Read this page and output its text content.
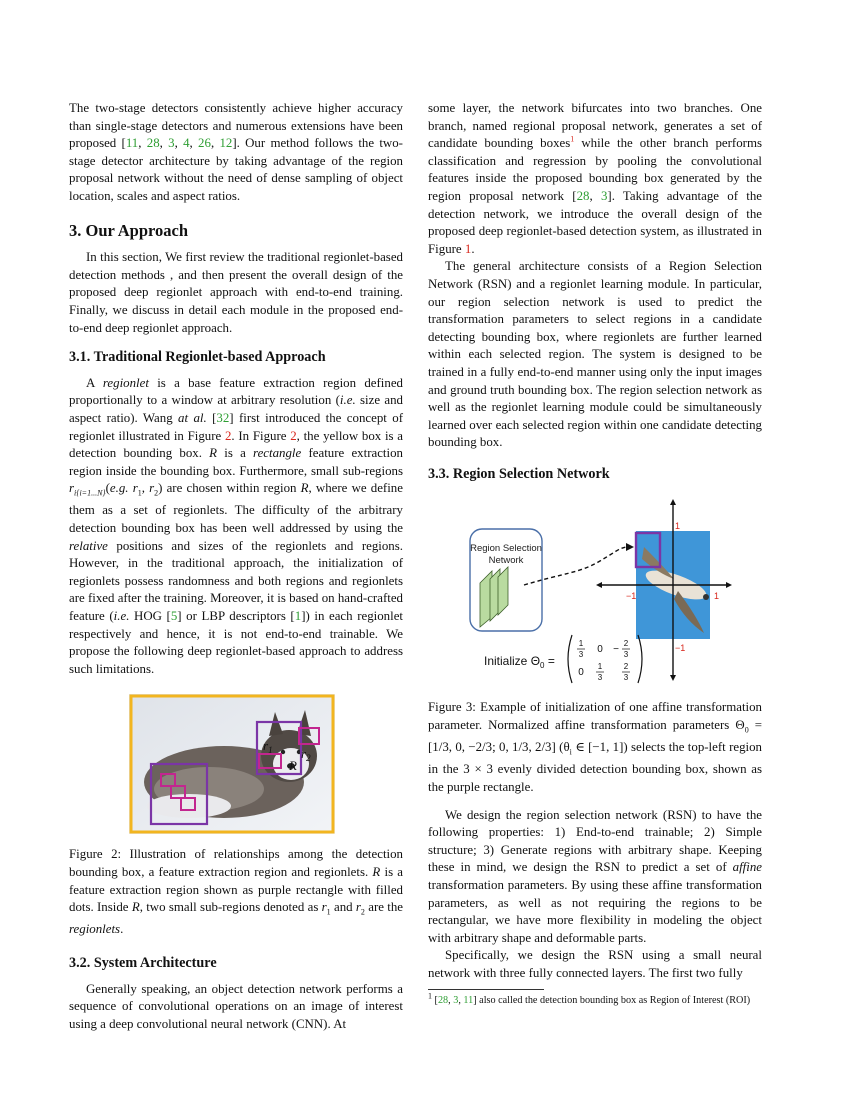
The two-stage detectors consistently achieve higher accuracy than single-stage detectors and numerous extensions have been proposed [11, 28, 3, 4, 26, 12]. Our method follows the two-stage detector architecture by taking advantage of the region proposal network without the need of dense sampling of object location, scales and aspect ratios.

3. Our Approach

In this section, We first review the traditional regionlet-based detection methods , and then present the overall design of the proposed deep regionlet approach with end-to-end training. Finally, we discuss in detail each module in the proposed end-to-end deep regionlet approach.

3.1. Traditional Regionlet-based Approach

A regionlet is a base feature extraction region defined proportionally to a window at arbitrary resolution (i.e. size and aspect ratio). Wang at al. [32] first introduced the concept of regionlet illustrated in Figure 2. In Figure 2, the yellow box is a detection bounding box. R is a rectangle feature extraction region inside the bounding box. Furthermore, small sub-regions $r_{i\{i=1...N\}}(e.g$. $r_1$, $r_2$) are chosen within region R, where we define them as a set of regionlets. The difficulty of the arbitrary detection bounding box has been well addressed by using the relative positions and sizes of the regionlets and regions. However, in the traditional approach, the initialization of regionlets possess randomness and both regions and regionlets are fixed after the training. Moreover, it is based on hand-crafted feature (i.e. HOG [5] or LBP descriptors [1]) in each regionlet respectively and hence, it is not end-to-end trainable. We propose the following deep regionlet-based approach to address such limitations.

$r_1$ $r_2$
R

Figure 2: Illustration of relationships among the detection bounding box, a feature extraction region and regionlets. R is a feature extraction region shown as purple rectangle with filled dots. Inside R, two small sub-regions denoted as $r_1$ and $r_2$ are the regionlets.

3.2. System Architecture

Generally speaking, an object detection network performs a sequence of convolutional operations on an image of interest using a deep convolutional neural network (CNN). At

some layer, the network bifurcates into two branches. One branch, named regional proposal network, generates a set of candidate bounding boxes$^1$ while the other branch performs classification and regression by pooling the convolutional features inside the proposed bounding box generated by the region proposal network [28, 3]. Taking advantage of the detection network, we introduce the overall design of the proposed deep regionlet-based detection system, as illustrated in Figure 1.

The general architecture consists of a Region Selection Network (RSN) and a regionlet learning module. In particular, our region selection network is used to predict the transformation parameters to select regions in a candidate detecting bounding box, where regionlets are further learned within each selected region. The system is designed to be trained in a fully end-to-end manner using only the input images and ground truth bounding box. The region selection network as well as the regionlet learning module could be simultaneously learned over each selected region within one candidate detecting bounding box.

3.3. Region Selection Network
Region Selection
Network
1
−1	1
−1
Initialize $\Theta_0$ =
1
3 0 −
2
3
0
1
3
2
3

Figure 3: Example of initialization of one affine transformation parameter. Normalized affine transformation parameters $\Theta_0 = [1/3$, 0, −2/3; 0, 1/3, 2/3] ($\theta_i$ ∈ [−1, 1]) selects the top-left region in the 3 × 3 evenly divided detection bounding box, shown as the purple rectangle.

We design the region selection network (RSN) to have the following properties: 1) End-to-end trainable; 2) Simple structure; 3) Generate regions with arbitrary shape. Keeping these in mind, we design the RSN to predict a set of affine transformation parameters. By using these affine transformation parameters, as well as not requiring the regions to be rectangular, we have more flexibility in modeling the object with arbitrary shape and deformable parts.

Specifically, we design the RSN using a small neural network with three fully connected layers. The first two fully

$^1$ [28, 3, 11] also called the detection bounding box as Region of Interest (ROI)
